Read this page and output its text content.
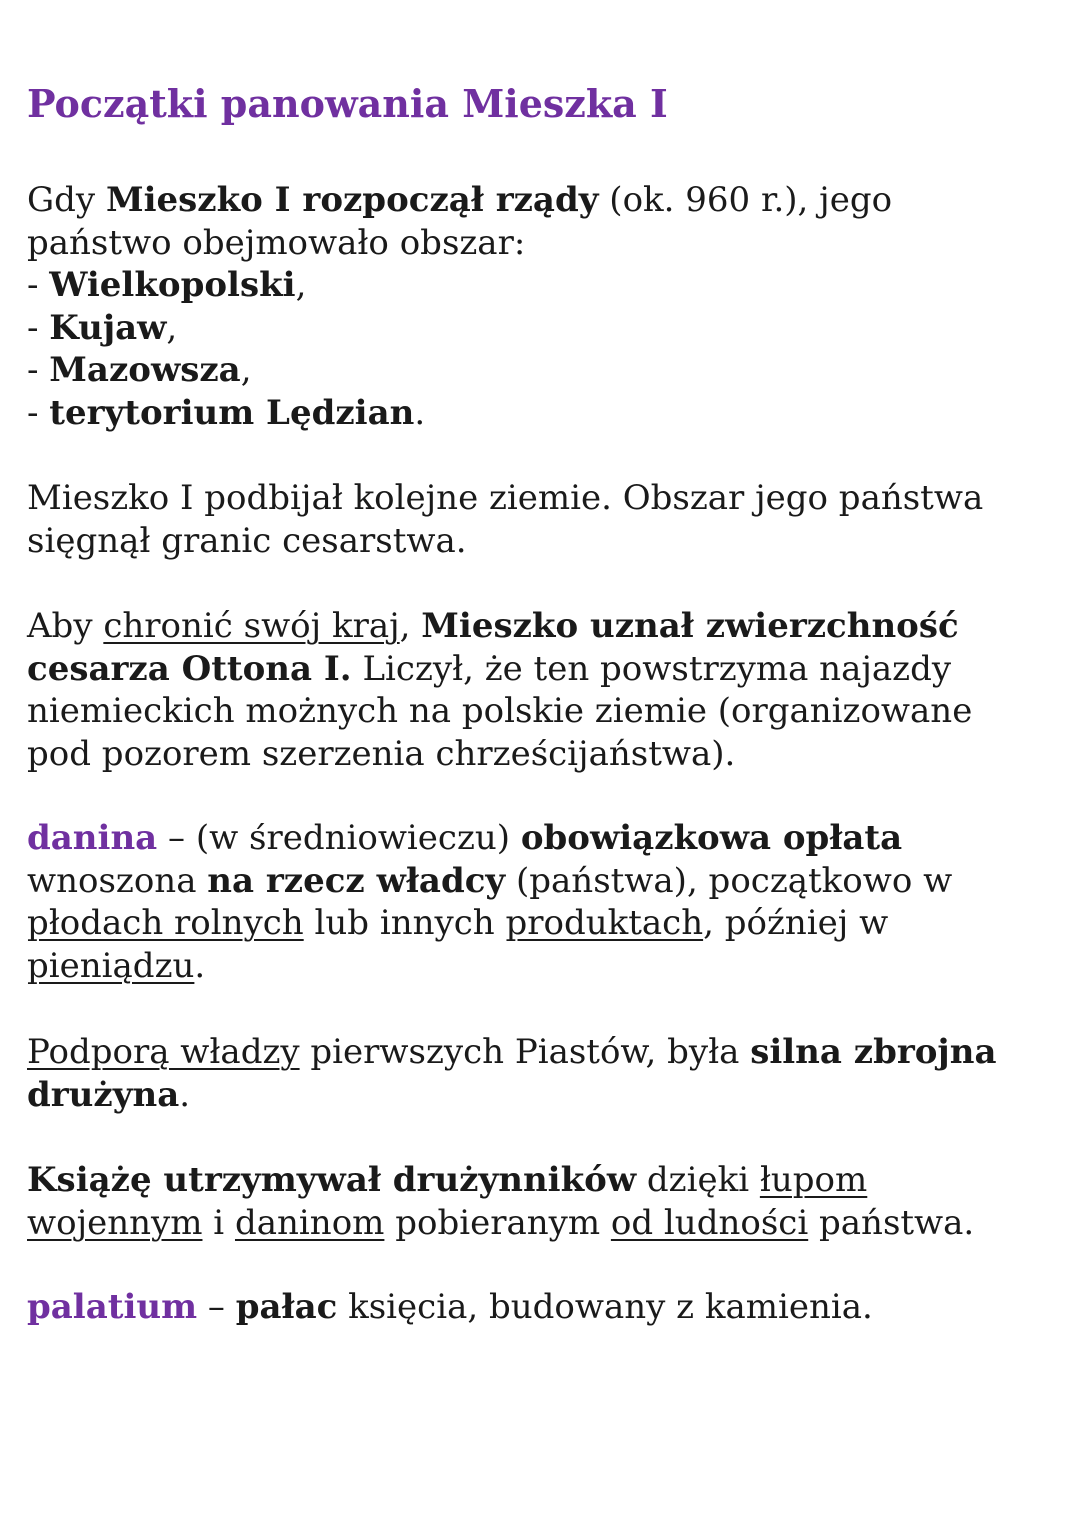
Początki panowania Mieszka I
Gdy Mieszko I rozpoczął rządy (ok. 960 r.), jego
państwo obejmowało obszar:
- Wielkopolski,
- Kujaw,
- Mazowsza,
- terytorium Lędzian.
Mieszko I podbijał kolejne ziemie. Obszar jego państwa
sięgnął granic cesarstwa.
Aby chronić swój kraj, Mieszko uznał zwierzchność
cesarza Ottona I. Liczył, że ten powstrzyma najazdy
niemieckich możnych na polskie ziemie (organizowane
pod pozorem szerzenia chrześcijaństwa).
danina – (w średniowieczu) obowiązkowa opłata
wnoszona na rzecz władcy (państwa), początkowo w
płodach rolnych lub innych produktach, później w
pieniądzu.
Podporą władzy pierwszych Piastów, była silna zbrojna
drużyna.
Książę utrzymywał drużynników dzięki łupom
wojennym i daninom pobieranym od ludności państwa.
palatium – pałac księcia, budowany z kamienia.
